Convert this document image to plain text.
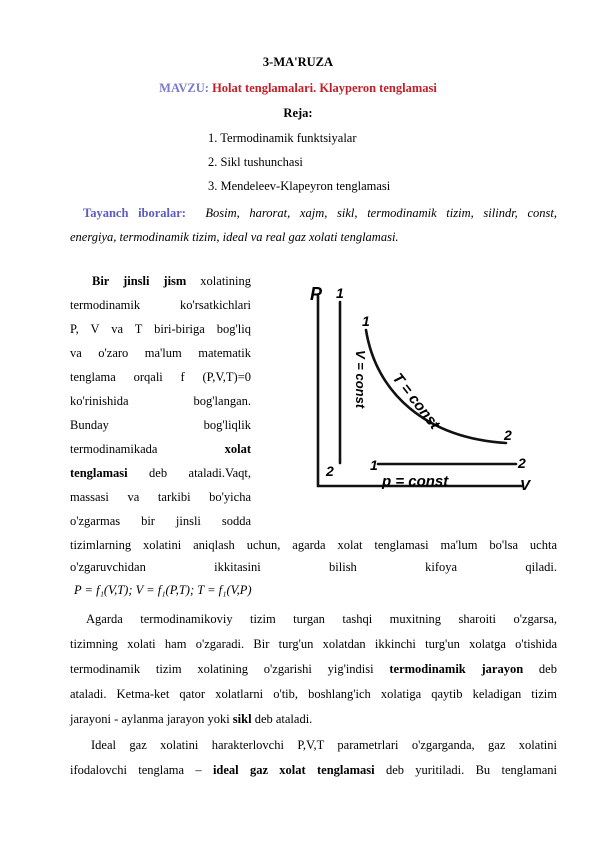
3-MA'RUZA
MAVZU: Holat tenglamalari. Klayperon tenglamasi
Reja:
1. Termodinamik funktsiyalar
2. Sikl tushunchasi
3. Mendeleev-Klapeyron tenglamasi
Tayanch iboralar: Bosim, harorat, xajm, sikl, termodinamik tizim, silindr, const,
energiya, termodinamik tizim, ideal va real gaz xolati tenglamasi.
Bir jinsli jism xolatining
termodinamik ko'rsatkichlari
P, V va T biri-biriga bog'liq
va o'zaro ma'lum matematik
tenglama orqali f (P,V,T)=0
ko'rinishida bog'langan.
Bunday bog'liqlik
termodinamikada	xolat
tenglamasi deb ataladi.Vaqt,
massasi va tarkibi bo'yicha
o'zgarmas bir jinsli sodda
tizimlarning xolatini aniqlash uchun, agarda xolat tenglamasi ma'lum bo'lsa uchta
o'zgaruvchidan ikkitasini bilish kifoya qiladi.
P = f₁(V,T); V = f₁(P,T); T = f₁(V,P)
Agarda termodinamikoviy tizim turgan tashqi muxitning sharoiti o'zgarsa,
tizimning xolati ham o'zgaradi. Bir turg'un xolatdan ikkinchi turg'un xolatga o'tishida
termodinamik tizim xolatining o'zgarishi yig'indisi termodinamik jarayon deb
ataladi. Ketma-ket qator xolatlarni o'tib, boshlang'ich xolatiga qaytib keladigan tizim
jarayoni - aylanma jarayon yoki sikl deb ataladi.
Ideal gaz xolatini harakterlovchi P,V,T parametrlari o'zgarganda, gaz xolatini
ifodalovchi tenglama – ideal gaz xolat tenglamasi deb yuritiladi. Bu tenglamani
P
V
1
2
1
2
1	2
T = const
V = const
p = const
